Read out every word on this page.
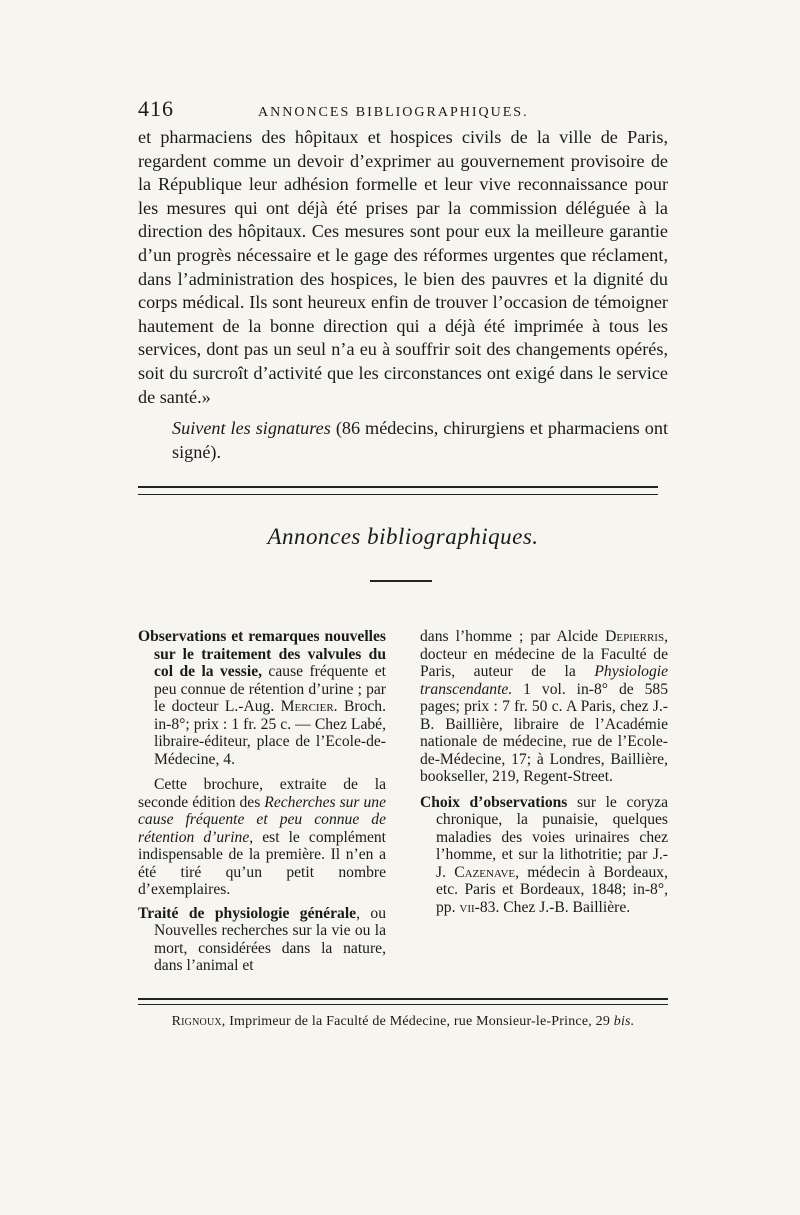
416	ANNONCES BIBLIOGRAPHIQUES.

et pharmaciens des hôpitaux et hospices civils de la ville de Paris, regardent comme un devoir d’exprimer au gouvernement provisoire de la République leur adhésion formelle et leur vive reconnaissance pour les mesures qui ont déjà été prises par la commission déléguée à la direction des hôpitaux. Ces mesures sont pour eux la meilleure garantie d’un progrès nécessaire et le gage des réformes urgentes que réclament, dans l’administration des hospices, le bien des pauvres et la dignité du corps médical. Ils sont heureux enfin de trouver l’occasion de témoigner hautement de la bonne direction qui a déjà été imprimée à tous les services, dont pas un seul n’a eu à souffrir soit des changements opérés, soit du surcroît d’activité que les circonstances ont exigé dans le service de santé.»

Suivent les signatures (86 médecins, chirurgiens et pharmaciens ont signé).

Annonces bibliographiques.

Observations et remarques nouvelles sur le traitement des valvules du col de la vessie, cause fréquente et peu connue de rétention d’urine ; par le docteur L.-Aug. Mercier. Broch. in-8°; prix : 1 fr. 25 c. — Chez Labé, libraire-éditeur, place de l’Ecole-de-Médecine, 4.

Cette brochure, extraite de la seconde édition des Recherches sur une cause fréquente et peu connue de rétention d’urine, est le complément indispensable de la première. Il n’en a été tiré qu’un petit nombre d’exemplaires.

Traité de physiologie générale, ou Nouvelles recherches sur la vie ou la mort, considérées dans la nature, dans l’animal et

dans l’homme ; par Alcide Depierris, docteur en médecine de la Faculté de Paris, auteur de la Physiologie transcendante. 1 vol. in-8° de 585 pages; prix : 7 fr. 50 c. A Paris, chez J.-B. Baillière, libraire de l’Académie nationale de médecine, rue de l’Ecole-de-Médecine, 17; à Londres, Baillière, bookseller, 219, Regent-Street.

Choix d’observations sur le coryza chronique, la punaisie, quelques maladies des voies urinaires chez l’homme, et sur la lithotritie; par J.-J. Cazenave, médecin à Bordeaux, etc. Paris et Bordeaux, 1848; in-8°, pp. vii-83. Chez J.-B. Baillière.

Rignoux, Imprimeur de la Faculté de Médecine, rue Monsieur-le-Prince, 29 bis.
